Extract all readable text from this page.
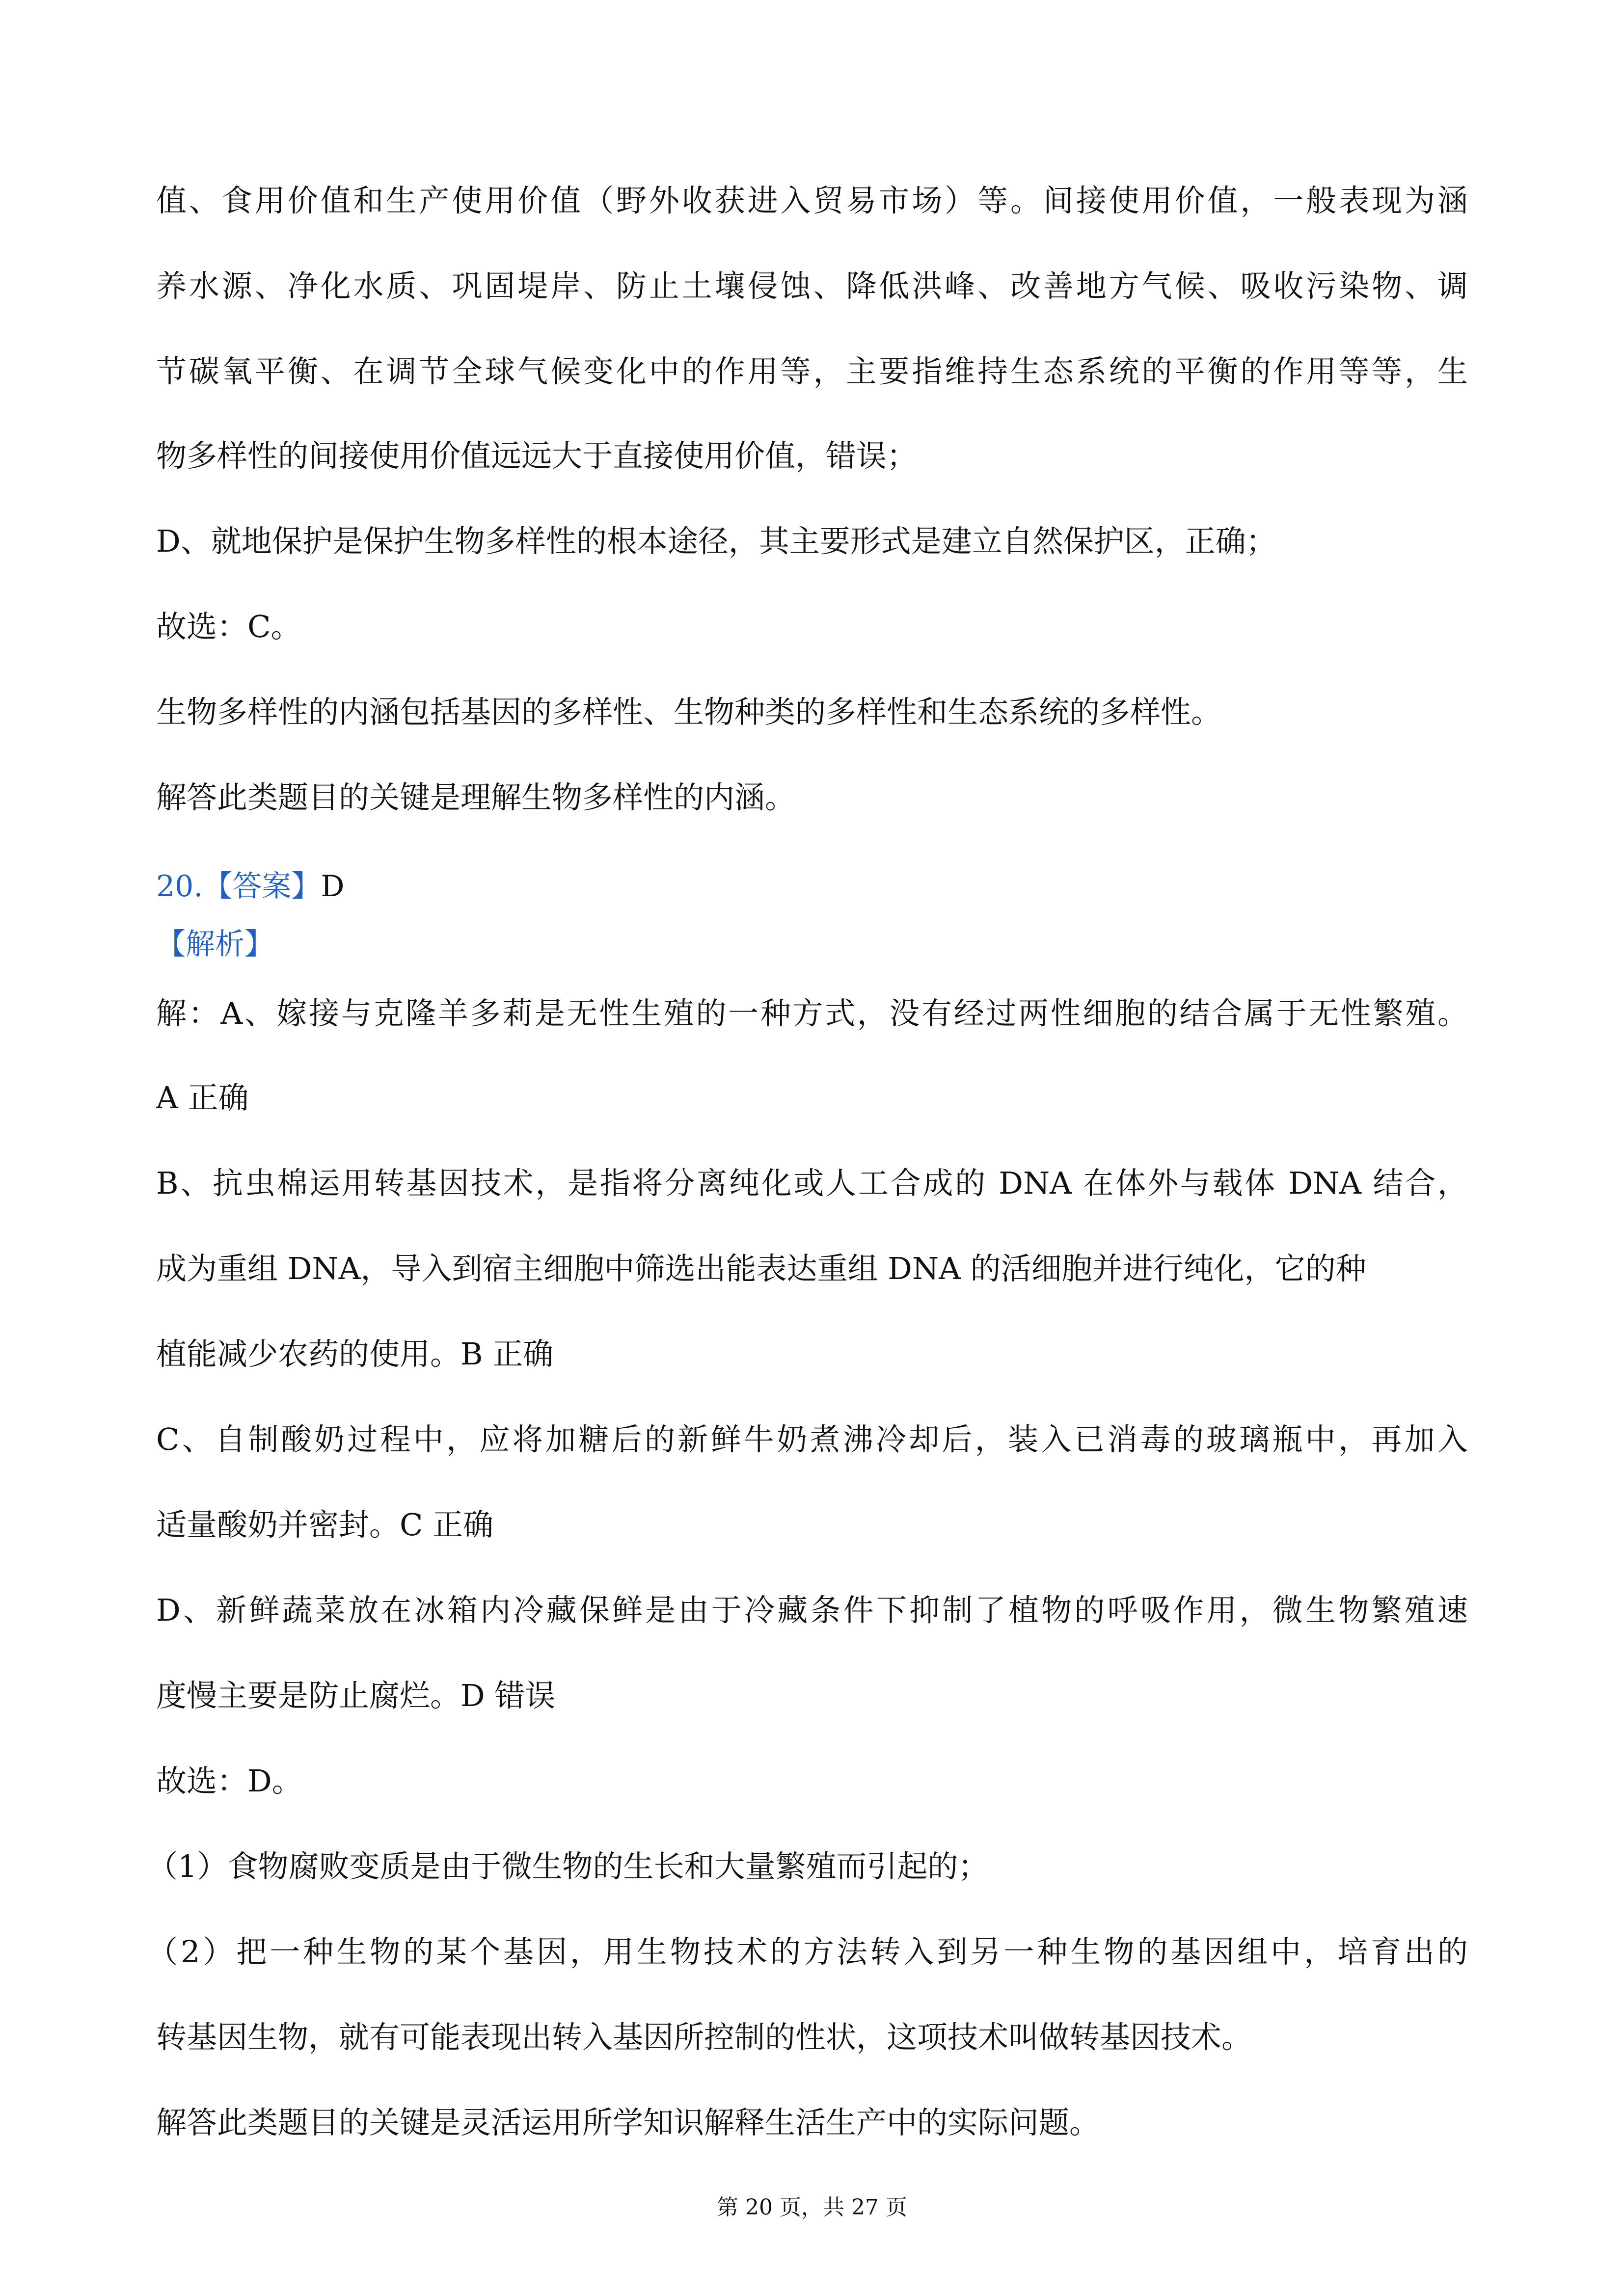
值、食用价值和生产使用价值（野外收获进入贸易市场）等。间接使用价值，一般表现为涵

养水源、净化水质、巩固堤岸、防止土壤侵蚀、降低洪峰、改善地方气候、吸收污染物、调

节碳氧平衡、在调节全球气候变化中的作用等，主要指维持生态系统的平衡的作用等等，生

物多样性的间接使用价值远远大于直接使用价值，错误；

D、就地保护是保护生物多样性的根本途径，其主要形式是建立自然保护区，正确；

故选：C。

生物多样性的内涵包括基因的多样性、生物种类的多样性和生态系统的多样性。

解答此类题目的关键是理解生物多样性的内涵。

20.【答案】D

【解析】

解：A、嫁接与克隆羊多莉是无性生殖的一种方式，没有经过两性细胞的结合属于无性繁殖。

A 正确

B、抗虫棉运用转基因技术，是指将分离纯化或人工合成的 DNA 在体外与载体 DNA 结合，

成为重组 DNA，导入到宿主细胞中筛选出能表达重组 DNA 的活细胞并进行纯化，它的种

植能减少农药的使用。B 正确

C、自制酸奶过程中，应将加糖后的新鲜牛奶煮沸冷却后，装入已消毒的玻璃瓶中，再加入

适量酸奶并密封。C 正确

D、新鲜蔬菜放在冰箱内冷藏保鲜是由于冷藏条件下抑制了植物的呼吸作用，微生物繁殖速

度慢主要是防止腐烂。D 错误

故选：D。

（1）食物腐败变质是由于微生物的生长和大量繁殖而引起的；

（2）把一种生物的某个基因，用生物技术的方法转入到另一种生物的基因组中，培育出的

转基因生物，就有可能表现出转入基因所控制的性状，这项技术叫做转基因技术。

解答此类题目的关键是灵活运用所学知识解释生活生产中的实际问题。

第 20 页，共 27 页
